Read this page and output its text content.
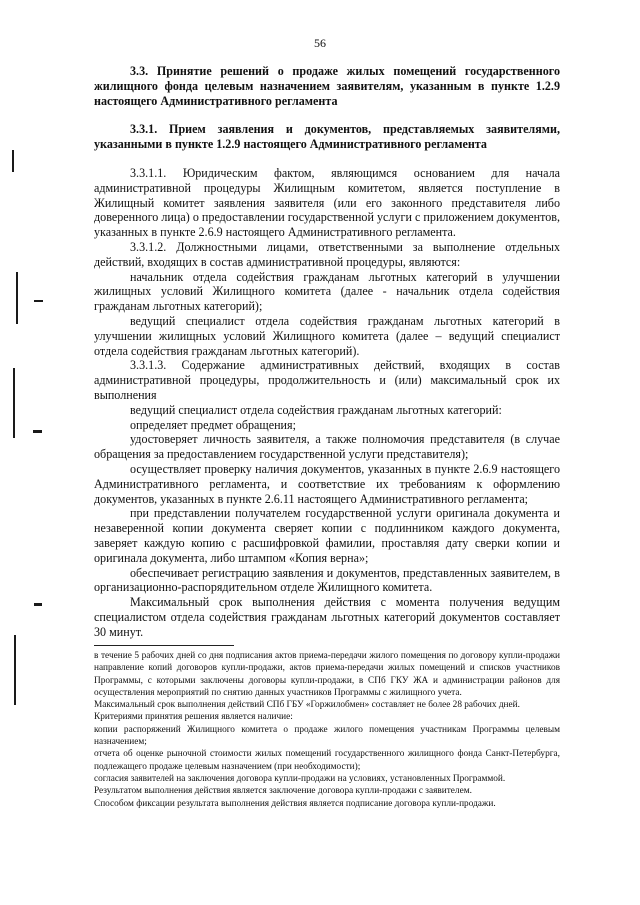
56

3.3. Принятие решений о продаже жилых помещений государственного жилищного фонда целевым назначением заявителям, указанным в пункте 1.2.9 настоящего Административного регламента

3.3.1. Прием заявления и документов, представляемых заявителями, указанными в пункте 1.2.9 настоящего Административного регламента

3.3.1.1. Юридическим фактом, являющимся основанием для начала административной процедуры Жилищным комитетом, является поступление в Жилищный комитет заявления заявителя (или его законного представителя либо доверенного лица) о предоставлении государственной услуги с приложением документов, указанных в пункте 2.6.9 настоящего Административного регламента.

3.3.1.2. Должностными лицами, ответственными за выполнение отдельных действий, входящих в состав административной процедуры, являются:

начальник отдела содействия гражданам льготных категорий в улучшении жилищных условий Жилищного комитета (далее - начальник отдела содействия гражданам льготных категорий);

ведущий специалист отдела содействия гражданам льготных категорий в улучшении жилищных условий Жилищного комитета (далее – ведущий специалист отдела содействия гражданам льготных категорий).

3.3.1.3. Содержание административных действий, входящих в состав административной процедуры, продолжительность и (или) максимальный срок их выполнения

ведущий специалист отдела содействия гражданам льготных категорий:

определяет предмет обращения;

удостоверяет личность заявителя, а также полномочия представителя (в случае обращения за предоставлением государственной услуги представителя);

осуществляет проверку наличия документов, указанных в пункте 2.6.9 настоящего Административного регламента, и соответствие их требованиям к оформлению документов, указанных в пункте 2.6.11 настоящего Административного регламента;

при представлении получателем государственной услуги оригинала документа и незаверенной копии документа сверяет копии с подлинником каждого документа, заверяет каждую копию с расшифровкой фамилии, проставляя дату сверки копии и оригинала документа, либо штампом «Копия верна»;

обеспечивает регистрацию заявления и документов, представленных заявителем, в организационно-распорядительном отделе Жилищного комитета.

Максимальный срок выполнения действия с момента получения ведущим специалистом отдела содействия гражданам льготных категорий документов составляет 30 минут.

в течение 5 рабочих дней со дня подписания актов приема-передачи жилого помещения по договору купли-продажи направление копий договоров купли-продажи, актов приема-передачи жилых помещений и списков участников Программы, с которыми заключены договоры купли-продажи, в СПб ГКУ ЖА и администрации районов для осуществления мероприятий по снятию данных участников Программы с жилищного учета.

Максимальный срок выполнения действий СПб ГБУ «Горжилобмен» составляет не более 28 рабочих дней.

Критериями принятия решения является наличие:

копии распоряжений Жилищного комитета о продаже жилого помещения участникам Программы целевым назначением;

отчета об оценке рыночной стоимости жилых помещений государственного жилищного фонда Санкт-Петербурга, подлежащего продаже целевым назначением (при необходимости);

согласия заявителей на заключения договора купли-продажи на условиях, установленных Программой.

Результатом выполнения действия является заключение договора купли-продажи с заявителем.

Способом фиксации результата выполнения действия является подписание договора купли-продажи.
